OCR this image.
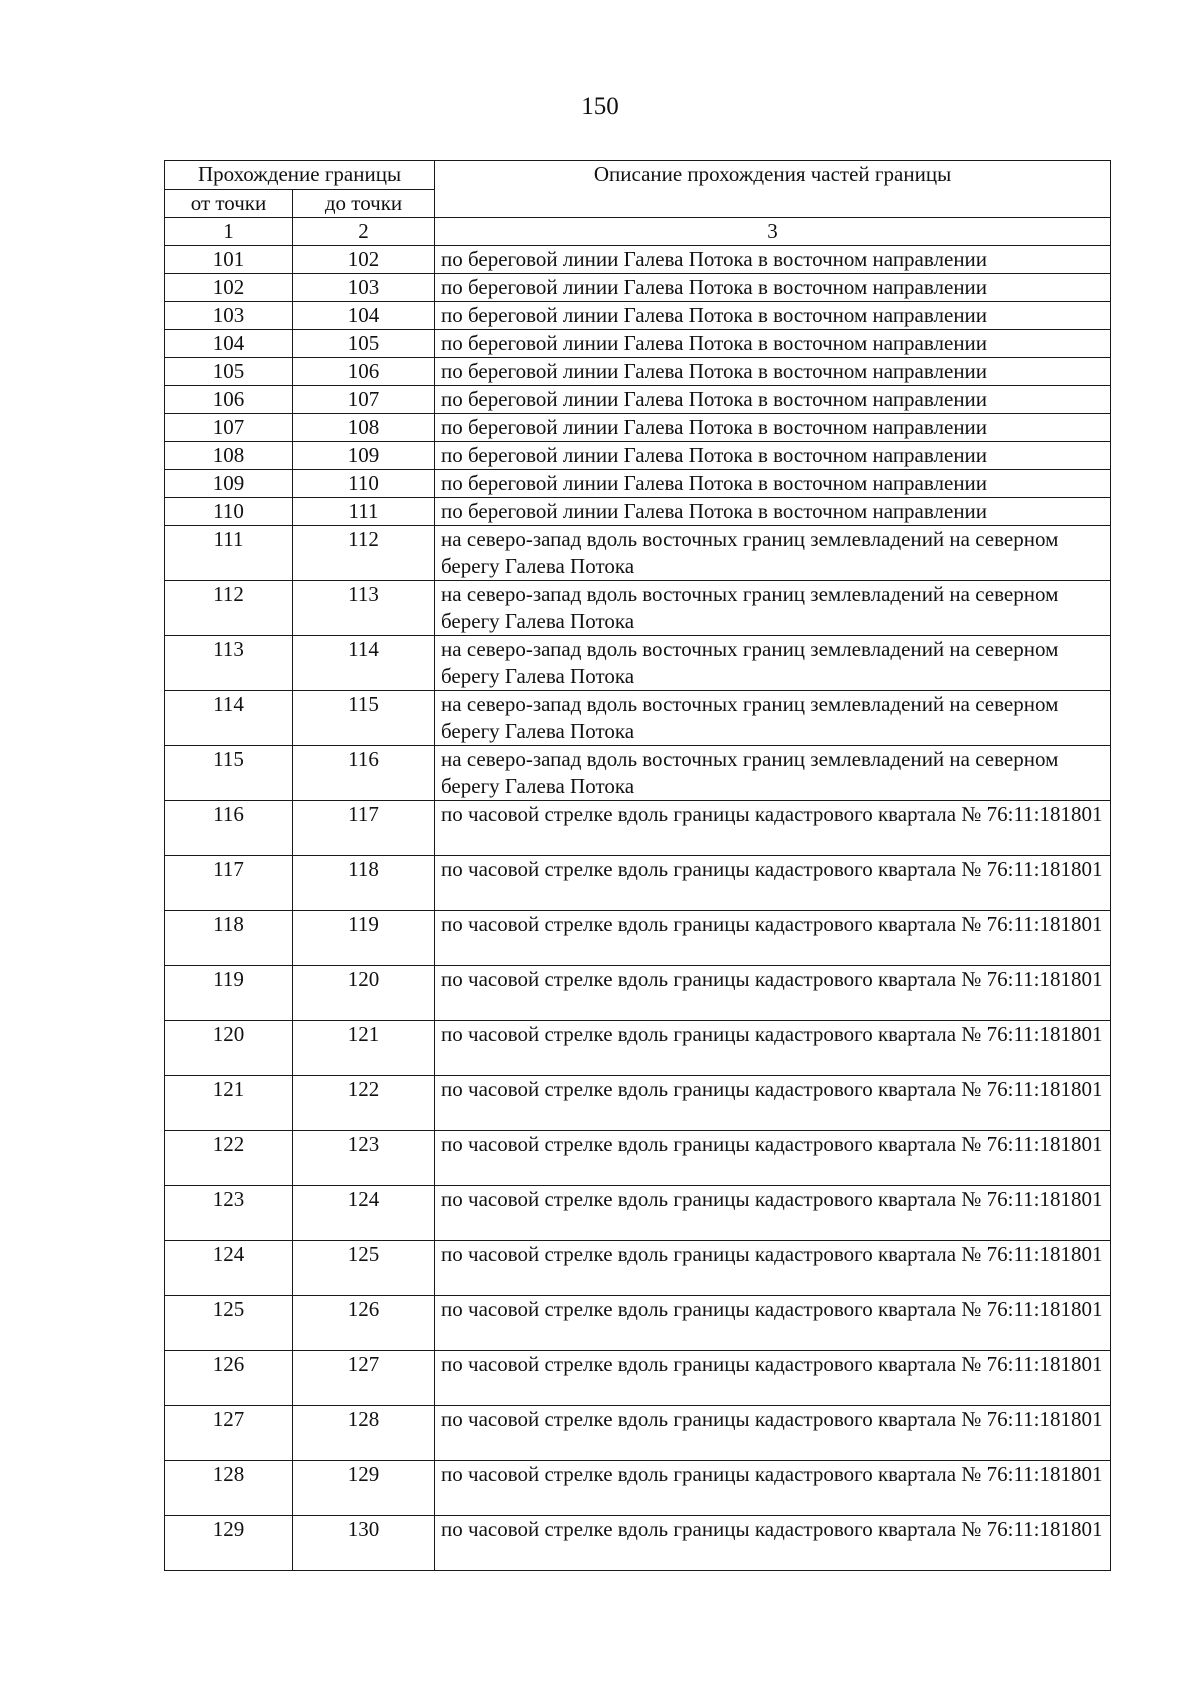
150
Прохождение границы		Описание прохождения частей границы
от точки	до точки	
1	2	3
101	102	по береговой линии Галева Потока в восточном направлении
102	103	по береговой линии Галева Потока в восточном направлении
103	104	по береговой линии Галева Потока в восточном направлении
104	105	по береговой линии Галева Потока в восточном направлении
105	106	по береговой линии Галева Потока в восточном направлении
106	107	по береговой линии Галева Потока в восточном направлении
107	108	по береговой линии Галева Потока в восточном направлении
108	109	по береговой линии Галева Потока в восточном направлении
109	110	по береговой линии Галева Потока в восточном направлении
110	111	по береговой линии Галева Потока в восточном направлении
111	112	на северо-запад вдоль восточных границ землевладений на северном берегу Галева Потока
112	113	на северо-запад вдоль восточных границ землевладений на северном берегу Галева Потока
113	114	на северо-запад вдоль восточных границ землевладений на северном берегу Галева Потока
114	115	на северо-запад вдоль восточных границ землевладений на северном берегу Галева Потока
115	116	на северо-запад вдоль восточных границ землевладений на северном берегу Галева Потока
116	117	по часовой стрелке вдоль границы кадастрового квартала № 76:11:181801
117	118	по часовой стрелке вдоль границы кадастрового квартала № 76:11:181801
118	119	по часовой стрелке вдоль границы кадастрового квартала № 76:11:181801
119	120	по часовой стрелке вдоль границы кадастрового квартала № 76:11:181801
120	121	по часовой стрелке вдоль границы кадастрового квартала № 76:11:181801
121	122	по часовой стрелке вдоль границы кадастрового квартала № 76:11:181801
122	123	по часовой стрелке вдоль границы кадастрового квартала № 76:11:181801
123	124	по часовой стрелке вдоль границы кадастрового квартала № 76:11:181801
124	125	по часовой стрелке вдоль границы кадастрового квартала № 76:11:181801
125	126	по часовой стрелке вдоль границы кадастрового квартала № 76:11:181801
126	127	по часовой стрелке вдоль границы кадастрового квартала № 76:11:181801
127	128	по часовой стрелке вдоль границы кадастрового квартала № 76:11:181801
128	129	по часовой стрелке вдоль границы кадастрового квартала № 76:11:181801
129	130	по часовой стрелке вдоль границы кадастрового квартала № 76:11:181801
